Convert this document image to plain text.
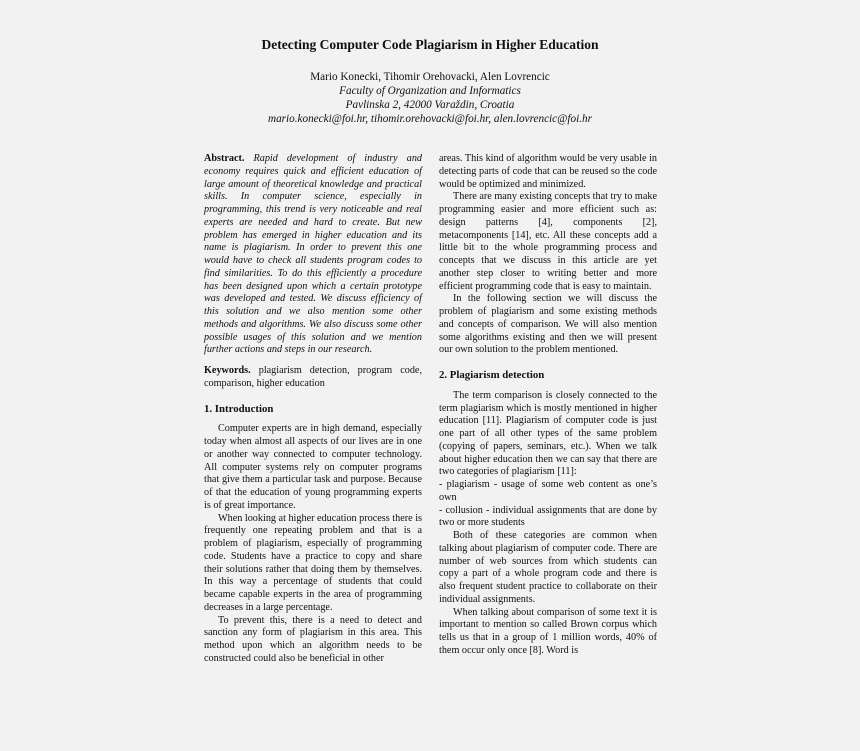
Detecting Computer Code Plagiarism in Higher Education
Mario Konecki, Tihomir Orehovacki, Alen Lovrencic
Faculty of Organization and Informatics
Pavlinska 2, 42000 Varaždin, Croatia
mario.konecki@foi.hr, tihomir.orehovacki@foi.hr, alen.lovrencic@foi.hr

Abstract. Rapid development of industry and economy requires quick and efficient education of large amount of theoretical knowledge and practical skills. In computer science, especially in programming, this trend is very noticeable and real experts are needed and hard to create. But new problem has emerged in higher education and its name is plagiarism. In order to prevent this one would have to check all students program codes to find similarities. To do this efficiently a procedure has been designed upon which a certain prototype was developed and tested. We discuss efficiency of this solution and we also mention some other methods and algorithms. We also discuss some other possible usages of this solution and we mention further actions and steps in our research.

Keywords. plagiarism detection, program code, comparison, higher education

1. Introduction

Computer experts are in high demand, especially today when almost all aspects of our lives are in one or another way connected to computer technology. All computer systems rely on computer programs that give them a particular task and purpose. Because of that the education of young programming experts is of great importance.

When looking at higher education process there is frequently one repeating problem and that is a problem of plagiarism, especially of programming code. Students have a practice to copy and share their solutions rather that doing them by themselves. In this way a percentage of students that could became capable experts in the area of programming decreases in a large percentage.

To prevent this, there is a need to detect and sanction any form of plagiarism in this area. This method upon which an algorithm needs to be constructed could also be beneficial in other

areas. This kind of algorithm would be very usable in detecting parts of code that can be reused so the code would be optimized and minimized.

There are many existing concepts that try to make programming easier and more efficient such as: design patterns [4], components [2], metacomponents [14], etc. All these concepts add a little bit to the whole programming process and concepts that we discuss in this article are yet another step closer to writing better and more efficient programming code that is easy to maintain.

In the following section we will discuss the problem of plagiarism and some existing methods and concepts of comparison. We will also mention some algorithms existing and then we will present our own solution to the problem mentioned.

2. Plagiarism detection

The term comparison is closely connected to the term plagiarism which is mostly mentioned in higher education [11]. Plagiarism of computer code is just one part of all other types of the same problem (copying of papers, seminars, etc.). When we talk about higher education then we can say that there are two categories of plagiarism [11]:

- plagiarism - usage of some web content as one’s own

- collusion - individual assignments that are done by two or more students

Both of these categories are common when talking about plagiarism of computer code. There are number of web sources from which students can copy a part of a whole program code and there is also frequent student practice to collaborate on their individual assignments.

When talking about comparison of some text it is important to mention so called Brown corpus which tells us that in a group of 1 million words, 40% of them occur only once [8]. Word is
